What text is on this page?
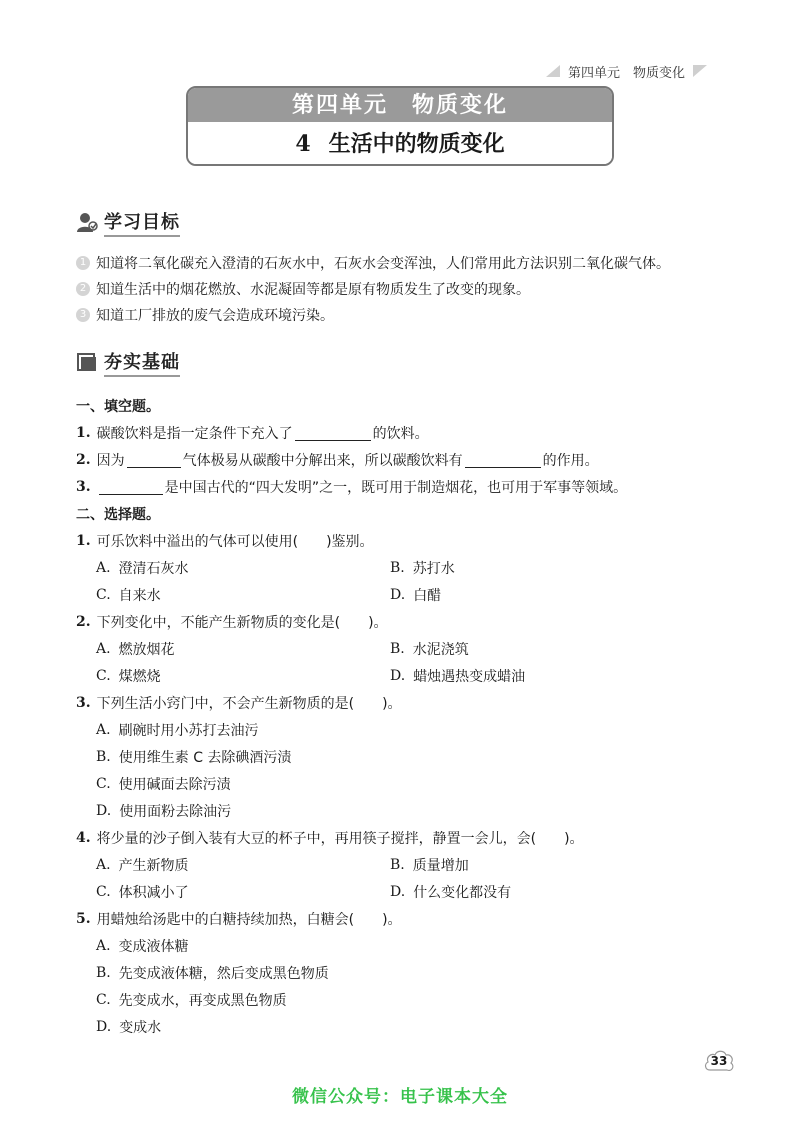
第四单元　物质变化
第四单元　物质变化
4 生活中的物质变化
学习目标
1 知道将二氧化碳充入澄清的石灰水中，石灰水会变浑浊，人们常用此方法识别二氧化碳气体。
2 知道生活中的烟花燃放、水泥凝固等都是原有物质发生了改变的现象。
3 知道工厂排放的废气会造成环境污染。
夯实基础
一、填空题。
1. 碳酸饮料是指一定条件下充入了	的饮料。
2. 因为	气体极易从碳酸中分解出来，所以碳酸饮料有	的作用。
3.	是中国古代的“四大发明”之一，既可用于制造烟花，也可用于军事等领域。
二、选择题。
1. 可乐饮料中溢出的气体可以使用(　　)鉴别。
A. 澄清石灰水	B. 苏打水
C. 自来水	D. 白醋
2. 下列变化中，不能产生新物质的变化是(　　)。
A. 燃放烟花	B. 水泥浇筑
C. 煤燃烧	D. 蜡烛遇热变成蜡油
3. 下列生活小窍门中，不会产生新物质的是(　　)。
A. 刷碗时用小苏打去油污
B. 使用维生素 C 去除碘酒污渍
C. 使用碱面去除污渍
D. 使用面粉去除油污
4. 将少量的沙子倒入装有大豆的杯子中，再用筷子搅拌，静置一会儿，会(　　)。
A. 产生新物质	B. 质量增加
C. 体积减小了	D. 什么变化都没有
5. 用蜡烛给汤匙中的白糖持续加热，白糖会(　　)。
A. 变成液体糖
B. 先变成液体糖，然后变成黑色物质
C. 先变成水，再变成黑色物质
D. 变成水
33
微信公众号：电子课本大全
